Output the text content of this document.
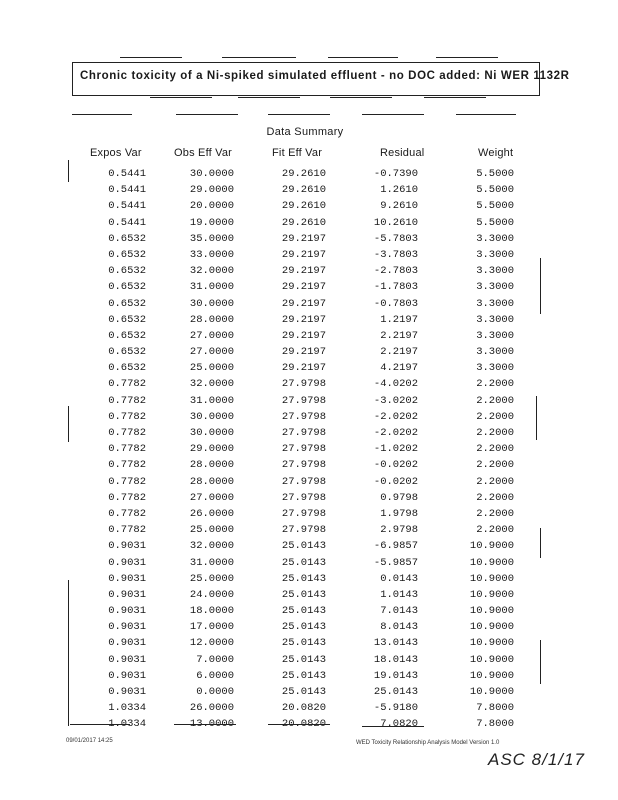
Chronic toxicity of a Ni-spiked simulated effluent - no DOC added: Ni WER 1132R
Data Summary
Expos Var	Obs Eff Var	Fit Eff Var	Residual	Weight
0.5441	30.0000	29.2610	-0.7390	5.5000
0.5441	29.0000	29.2610	1.2610	5.5000
0.5441	20.0000	29.2610	9.2610	5.5000
0.5441	19.0000	29.2610	10.2610	5.5000
0.6532	35.0000	29.2197	-5.7803	3.3000
0.6532	33.0000	29.2197	-3.7803	3.3000
0.6532	32.0000	29.2197	-2.7803	3.3000
0.6532	31.0000	29.2197	-1.7803	3.3000
0.6532	30.0000	29.2197	-0.7803	3.3000
0.6532	28.0000	29.2197	1.2197	3.3000
0.6532	27.0000	29.2197	2.2197	3.3000
0.6532	27.0000	29.2197	2.2197	3.3000
0.6532	25.0000	29.2197	4.2197	3.3000
0.7782	32.0000	27.9798	-4.0202	2.2000
0.7782	31.0000	27.9798	-3.0202	2.2000
0.7782	30.0000	27.9798	-2.0202	2.2000
0.7782	30.0000	27.9798	-2.0202	2.2000
0.7782	29.0000	27.9798	-1.0202	2.2000
0.7782	28.0000	27.9798	-0.0202	2.2000
0.7782	28.0000	27.9798	-0.0202	2.2000
0.7782	27.0000	27.9798	0.9798	2.2000
0.7782	26.0000	27.9798	1.9798	2.2000
0.7782	25.0000	27.9798	2.9798	2.2000
0.9031	32.0000	25.0143	-6.9857	10.9000
0.9031	31.0000	25.0143	-5.9857	10.9000
0.9031	25.0000	25.0143	0.0143	10.9000
0.9031	24.0000	25.0143	1.0143	10.9000
0.9031	18.0000	25.0143	7.0143	10.9000
0.9031	17.0000	25.0143	8.0143	10.9000
0.9031	12.0000	25.0143	13.0143	10.9000
0.9031	7.0000	25.0143	18.0143	10.9000
0.9031	6.0000	25.0143	19.0143	10.9000
0.9031	0.0000	25.0143	25.0143	10.9000
1.0334	26.0000	20.0820	-5.9180	7.8000
1.0334	13.0000	20.0820	7.0820	7.8000
09/01/2017 14:25	WED Toxicity Relationship Analysis Model Version 1.0
ASC 8/1/17
